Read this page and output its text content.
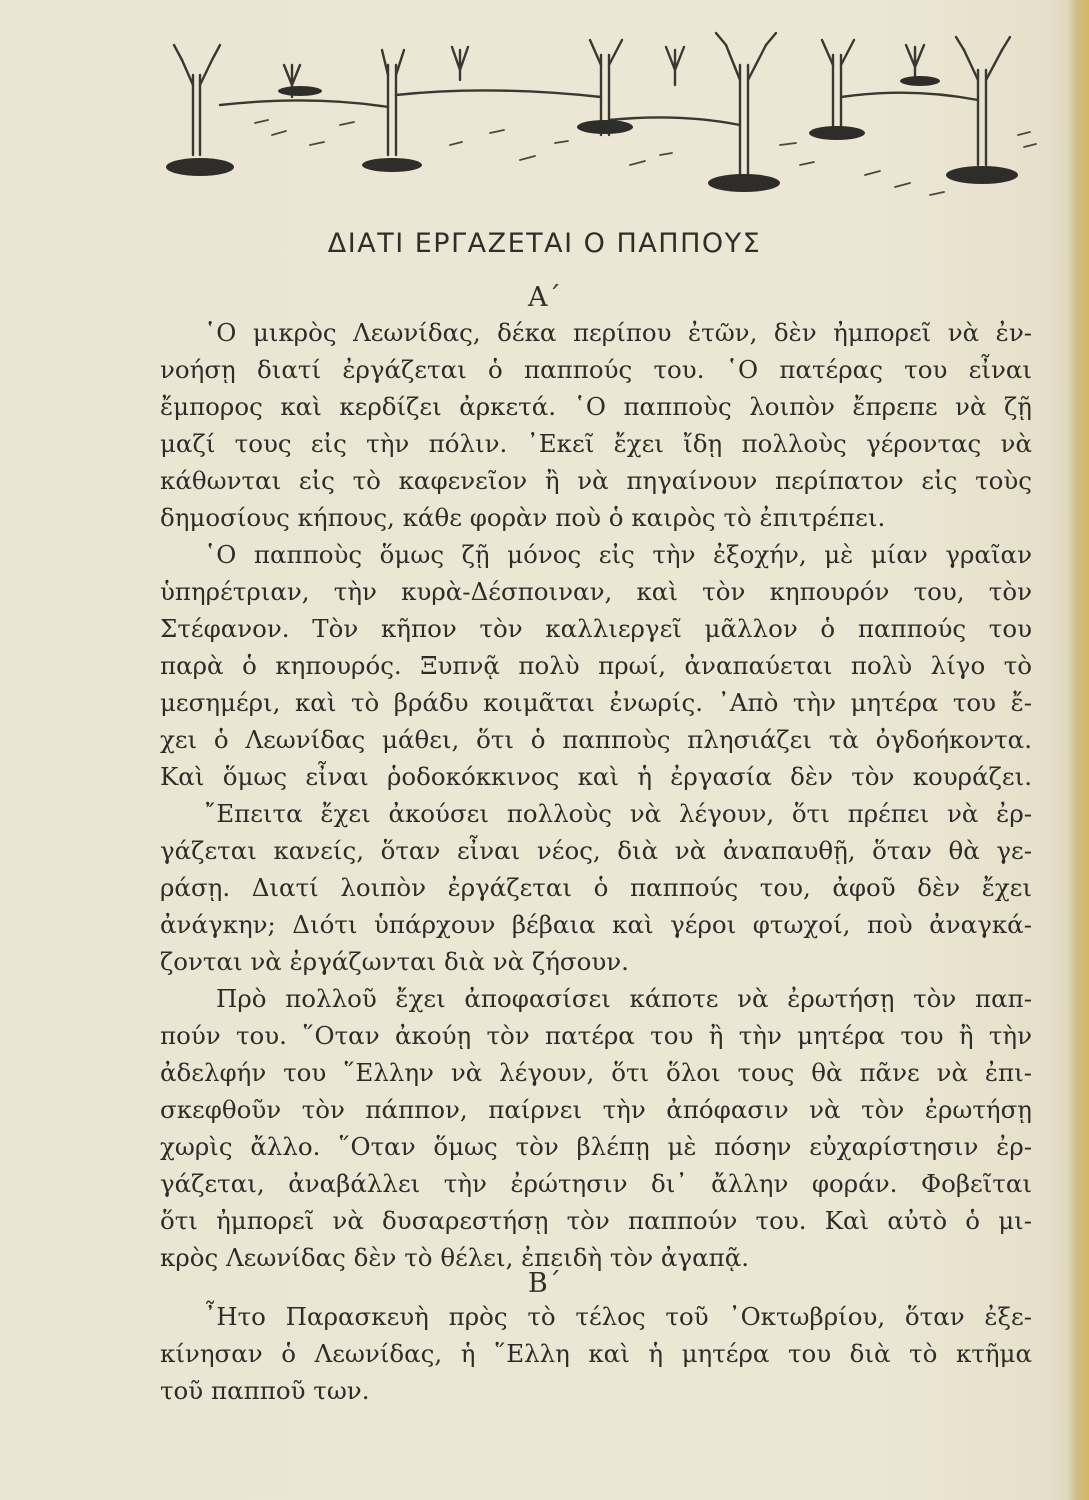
ΔΙΑΤΙ ΕΡΓΑΖΕΤΑΙ Ο ΠΑΠΠΟΥΣ
Α΄
῾Ο μικρὸς Λεωνίδας, δέκα περίπου ἐτῶν, δὲν ἠμπορεῖ νὰ ἐν-
νοήσῃ διατί ἐργάζεται ὁ παππούς του. ῾Ο πατέρας του εἶναι
ἔμπορος καὶ κερδίζει ἀρκετά. ῾Ο παπποὺς λοιπὸν ἔπρεπε νὰ ζῇ
μαζί τους εἰς τὴν πόλιν. ᾿Εκεῖ ἔχει ἴδῃ πολλοὺς γέροντας νὰ
κάθωνται εἰς τὸ καφενεῖον ἢ νὰ πηγαίνουν περίπατον εἰς τοὺς
δημοσίους κήπους, κάθε φορὰν ποὺ ὁ καιρὸς τὸ ἐπιτρέπει.
῾Ο παπποὺς ὅμως ζῇ μόνος εἰς τὴν ἐξοχήν, μὲ μίαν γραῖαν
ὑπηρέτριαν, τὴν κυρὰ-Δέσποιναν, καὶ τὸν κηπουρόν του, τὸν
Στέφανον. Τὸν κῆπον τὸν καλλιεργεῖ μᾶλλον ὁ παππούς του
παρὰ ὁ κηπουρός. Ξυπνᾷ πολὺ πρωί, ἀναπαύεται πολὺ λίγο τὸ
μεσημέρι, καὶ τὸ βράδυ κοιμᾶται ἐνωρίς. ᾿Απὸ τὴν μητέρα του ἔ-
χει ὁ Λεωνίδας μάθει, ὅτι ὁ παπποὺς πλησιάζει τὰ ὀγδοήκοντα.
Καὶ ὅμως εἶναι ῥοδοκόκκινος καὶ ἡ ἐργασία δὲν τὸν κουράζει.
῎Επειτα ἔχει ἀκούσει πολλοὺς νὰ λέγουν, ὅτι πρέπει νὰ ἐρ-
γάζεται κανείς, ὅταν εἶναι νέος, διὰ νὰ ἀναπαυθῇ, ὅταν θὰ γε-
ράσῃ. Διατί λοιπὸν ἐργάζεται ὁ παππούς του, ἀφοῦ δὲν ἔχει
ἀνάγκην; Διότι ὑπάρχουν βέβαια καὶ γέροι φτωχοί, ποὺ ἀναγκά-
ζονται νὰ ἐργάζωνται διὰ νὰ ζήσουν.
Πρὸ πολλοῦ ἔχει ἀποφασίσει κάποτε νὰ ἐρωτήσῃ τὸν παπ-
πούν του. ῞Οταν ἀκούῃ τὸν πατέρα του ἢ τὴν μητέρα του ἢ τὴν
ἀδελφήν του ῞Ελλην νὰ λέγουν, ὅτι ὅλοι τους θὰ πᾶνε νὰ ἐπι-
σκεφθοῦν τὸν πάππον, παίρνει τὴν ἀπόφασιν νὰ τὸν ἐρωτήσῃ
χωρὶς ἄλλο. ῞Οταν ὅμως τὸν βλέπῃ μὲ πόσην εὐχαρίστησιν ἐρ-
γάζεται, ἀναβάλλει τὴν ἐρώτησιν δι᾿ ἄλλην φοράν. Φοβεῖται
ὅτι ἠμπορεῖ νὰ δυσαρεστήσῃ τὸν παππούν του. Καὶ αὐτὸ ὁ μι-
κρὸς Λεωνίδας δὲν τὸ θέλει, ἐπειδὴ τὸν ἀγαπᾷ.
Β΄
῏Ητο Παρασκευὴ πρὸς τὸ τέλος τοῦ ᾿Οκτωβρίου, ὅταν ἐξε-
κίνησαν ὁ Λεωνίδας, ἡ ῞Ελλη καὶ ἡ μητέρα του διὰ τὸ κτῆμα
τοῦ παπποῦ των.
